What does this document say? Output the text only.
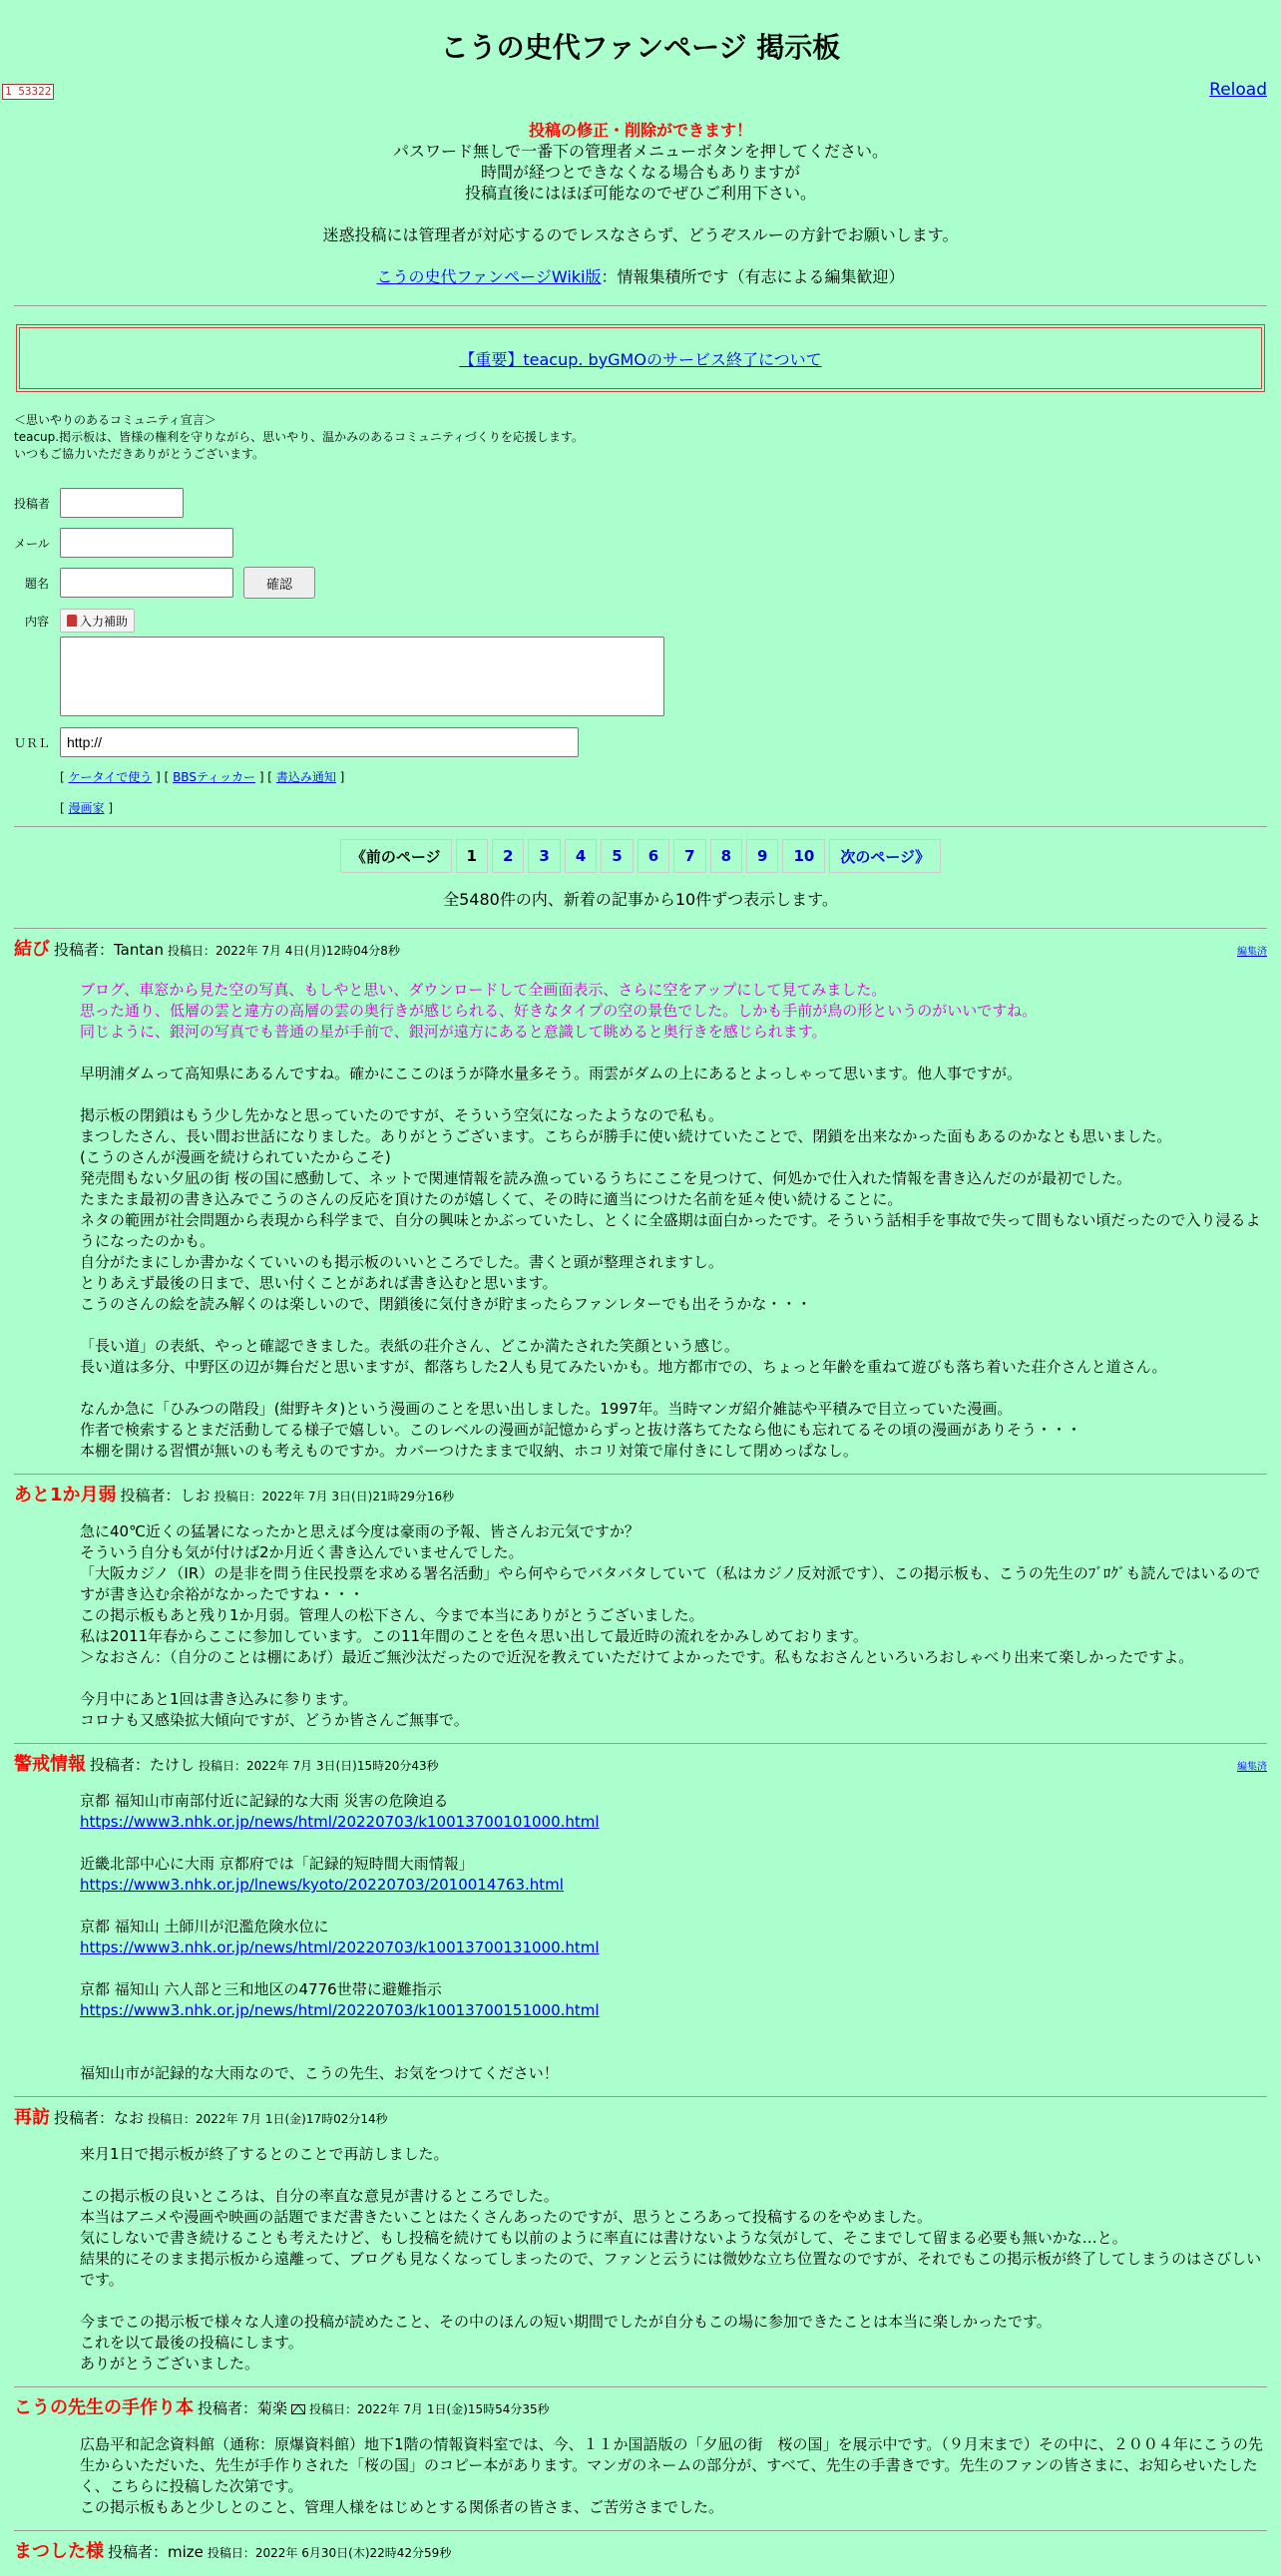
こうの史代ファンページ 掲示板
1 53322	Reload

投稿の修正・削除ができます！

パスワード無しで一番下の管理者メニューボタンを押してください。

時間が経つとできなくなる場合もありますが

投稿直後にはほぼ可能なのでぜひご利用下さい。

迷惑投稿には管理者が対応するのでレスなさらず、どうぞスルーの方針でお願いします。

こうの史代ファンページWiki版：情報集積所です（有志による編集歓迎）

【重要】teacup. byGMOのサービス終了について
＜思いやりのあるコミュニティ宣言＞
teacup.掲示板は、皆様の権利を守りながら、思いやり、温かみのあるコミュニティづくりを応援します。
いつもご協力いただきありがとうございます。
投稿者
メール
題名	確認
内容	入力補助
ＵＲＬ
http://
[ ケータイで使う ] [ BBSティッカー ] [ 書込み通知 ]
[ 漫画家 ]
《前のページ	1	2	3	4	5	6	7	8	9	10	次のページ》
全5480件の内、新着の記事から10件ずつ表示します。
結び 投稿者：Tantan 投稿日：2022年 7月 4日(月)12時04分8秒	編集済

ブログ、車窓から見た空の写真、もしやと思い、ダウンロードして全画面表示、さらに空をアップにして見てみました。

思った通り、低層の雲と違方の高層の雲の奥行きが感じられる、好きなタイプの空の景色でした。しかも手前が鳥の形というのがいいですね。

同じように、銀河の写真でも普通の星が手前で、銀河が遠方にあると意識して眺めると奥行きを感じられます。

早明浦ダムって高知県にあるんですね。確かにここのほうが降水量多そう。雨雲がダムの上にあるとよっしゃって思います。他人事ですが。

掲示板の閉鎖はもう少し先かなと思っていたのですが、そういう空気になったようなので私も。

まつしたさん、長い間お世話になりました。ありがとうございます。こちらが勝手に使い続けていたことで、閉鎖を出来なかった面もあるのかなとも思いました。

(こうのさんが漫画を続けられていたからこそ)

発売間もない夕凪の街 桜の国に感動して、ネットで関連情報を読み漁っているうちにここを見つけて、何処かで仕入れた情報を書き込んだのが最初でした。

たまたま最初の書き込みでこうのさんの反応を頂けたのが嬉しくて、その時に適当につけた名前を延々使い続けることに。

ネタの範囲が社会問題から表現から科学まで、自分の興味とかぶっていたし、とくに全盛期は面白かったです。そういう話相手を事故で失って間もない頃だったので入り浸るようになったのかも。

自分がたまにしか書かなくていいのも掲示板のいいところでした。書くと頭が整理されますし。

とりあえず最後の日まで、思い付くことがあれば書き込むと思います。

こうのさんの絵を読み解くのは楽しいので、閉鎖後に気付きが貯まったらファンレターでも出そうかな・・・

「長い道」の表紙、やっと確認できました。表紙の荘介さん、どこか満たされた笑顔という感じ。

長い道は多分、中野区の辺が舞台だと思いますが、都落ちした2人も見てみたいかも。地方都市での、ちょっと年齢を重ねて遊びも落ち着いた荘介さんと道さん。

なんか急に「ひみつの階段」(紺野キタ)という漫画のことを思い出しました。1997年。当時マンガ紹介雑誌や平積みで目立っていた漫画。

作者で検索するとまだ活動してる様子で嬉しい。このレベルの漫画が記憶からずっと抜け落ちてたなら他にも忘れてるその頃の漫画がありそう・・・

本棚を開ける習慣が無いのも考えものですか。カバーつけたままで収納、ホコリ対策で扉付きにして閉めっぱなし。

あと1か月弱 投稿者：しお 投稿日：2022年 7月 3日(日)21時29分16秒

急に40℃近くの猛暑になったかと思えば今度は豪雨の予報、皆さんお元気ですか？

そういう自分も気が付けば2か月近く書き込んでいませんでした。

「大阪カジノ（IR）の是非を問う住民投票を求める署名活動」やら何やらでバタバタしていて（私はカジノ反対派です）、この掲示板も、こうの先生のﾌﾞﾛｸﾞも読んではいるのですが書き込む余裕がなかったですね・・・

この掲示板もあと残り1か月弱。管理人の松下さん、今まで本当にありがとうございました。

私は2011年春からここに参加しています。この11年間のことを色々思い出して最近時の流れをかみしめております。

＞なおさん：（自分のことは棚にあげ）最近ご無沙汰だったので近況を教えていただけてよかったです。私もなおさんといろいろおしゃべり出来て楽しかったですよ。

今月中にあと1回は書き込みに参ります。

コロナも又感染拡大傾向ですが、どうか皆さんご無事で。

警戒情報 投稿者：たけし 投稿日：2022年 7月 3日(日)15時20分43秒	編集済

京都 福知山市南部付近に記録的な大雨 災害の危険迫る

https://www3.nhk.or.jp/news/html/20220703/k10013700101000.html

近畿北部中心に大雨 京都府では「記録的短時間大雨情報」

https://www3.nhk.or.jp/lnews/kyoto/20220703/2010014763.html

京都 福知山 土師川が氾濫危険水位に

https://www3.nhk.or.jp/news/html/20220703/k10013700131000.html

京都 福知山 六人部と三和地区の4776世帯に避難指示

https://www3.nhk.or.jp/news/html/20220703/k10013700151000.html

福知山市が記録的な大雨なので、こうの先生、お気をつけてください！

再訪 投稿者：なお 投稿日：2022年 7月 1日(金)17時02分14秒

来月1日で掲示板が終了するとのことで再訪しました。

この掲示板の良いところは、自分の率直な意見が書けるところでした。

本当はアニメや漫画や映画の話題でまだ書きたいことはたくさんあったのですが、思うところあって投稿するのをやめました。

気にしないで書き続けることも考えたけど、もし投稿を続けても以前のように率直には書けないような気がして、そこまでして留まる必要も無いかな…と。

結果的にそのまま掲示板から遠離って、ブログも見なくなってしまったので、ファンと云うには微妙な立ち位置なのですが、それでもこの掲示板が終了してしまうのはさびしいです。

今までこの掲示板で様々な人達の投稿が読めたこと、その中のほんの短い期間でしたが自分もこの場に参加できたことは本当に楽しかったです。

これを以て最後の投稿にします。

ありがとうございました。

こうの先生の手作り本 投稿者：菊楽 投稿日：2022年 7月 1日(金)15時54分35秒

広島平和記念資料館（通称：原爆資料館）地下1階の情報資料室では、今、１１か国語版の「夕凪の街　桜の国」を展示中です。（９月末まで）その中に、２００４年にこうの先生からいただいた、先生が手作りされた「桜の国」のコピー本があります。マンガのネームの部分が、すべて、先生の手書きです。先生のファンの皆さまに、お知らせいたしたく、こちらに投稿した次第です。

この掲示板もあと少しとのこと、管理人様をはじめとする関係者の皆さま、ご苦労さまでした。

まつした様 投稿者：mize 投稿日：2022年 6月30日(木)22時42分59秒
